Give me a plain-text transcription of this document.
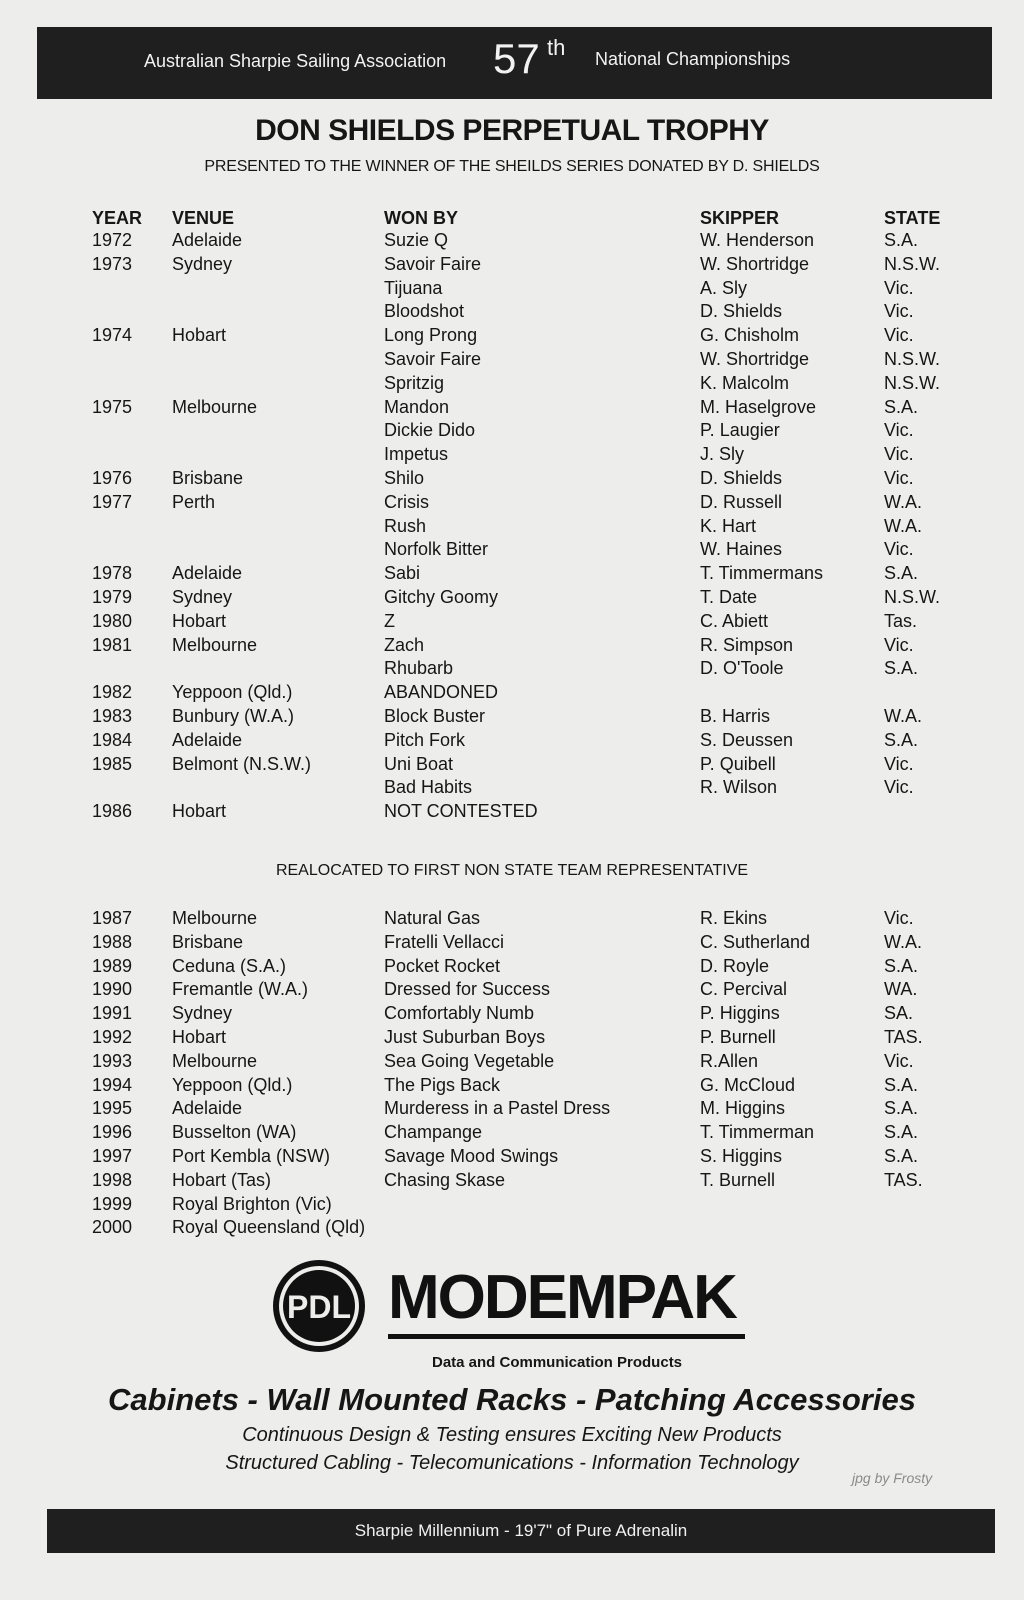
Australian Sharpie Sailing Association 57 th National Championships
DON SHIELDS PERPETUAL TROPHY
PRESENTED TO THE WINNER OF THE SHEILDS SERIES DONATED BY D. SHIELDS
YEAR VENUE	WON BY	SKIPPER	STATE
1972 Adelaide	Suzie Q	W. Henderson	S.A.
1973 Sydney	Savoir Faire	W. Shortridge	N.S.W.
Tijuana	A. Sly	Vic.
Bloodshot	D. Shields	Vic.
1974 Hobart	Long Prong	G. Chisholm	Vic.
Savoir Faire	W. Shortridge	N.S.W.
Spritzig	K. Malcolm	N.S.W.
1975 Melbourne	Mandon	M. Haselgrove	S.A.
Dickie Dido	P. Laugier	Vic.
Impetus	J. Sly	Vic.
1976 Brisbane	Shilo	D. Shields	Vic.
1977 Perth	Crisis	D. Russell	W.A.
Rush	K. Hart	W.A.
Norfolk Bitter	W. Haines	Vic.
1978 Adelaide	Sabi	T. Timmermans	S.A.
1979 Sydney	Gitchy Goomy	T. Date	N.S.W.
1980 Hobart	Z	C. Abiett	Tas.
1981 Melbourne	Zach	R. Simpson	Vic.
Rhubarb	D. O'Toole	S.A.
1982 Yeppoon (Qld.)	ABANDONED
1983 Bunbury (W.A.)	Block Buster	B. Harris	W.A.
1984 Adelaide	Pitch Fork	S. Deussen	S.A.
1985 Belmont (N.S.W.)	Uni Boat	P. Quibell	Vic.
Bad Habits	R. Wilson	Vic.
1986 Hobart	NOT CONTESTED
1987 Melbourne	Natural Gas	R. Ekins	Vic.
1988 Brisbane	Fratelli Vellacci	C. Sutherland	W.A.
1989 Ceduna (S.A.)	Pocket Rocket	D. Royle	S.A.
1990 Fremantle (W.A.)	Dressed for Success	C. Percival	WA.
1991 Sydney	Comfortably Numb	P. Higgins	SA.
1992 Hobart	Just Suburban Boys	P. Burnell	TAS.
1993 Melbourne	Sea Going Vegetable	R.Allen	Vic.
1994 Yeppoon (Qld.)	The Pigs Back	G. McCloud	S.A.
1995 Adelaide	Murderess in a Pastel Dress	M. Higgins	S.A.
1996 Busselton (WA)	Champange	T. Timmerman	S.A.
1997 Port Kembla (NSW)	Savage Mood Swings	S. Higgins	S.A.
1998 Hobart (Tas)	Chasing Skase	T. Burnell	TAS.
1999 Royal Brighton (Vic)
2000 Royal Queensland (Qld)
REALOCATED TO FIRST NON STATE TEAM REPRESENTATIVE
PDL MODEMPAK
Data and Communication Products
Cabinets - Wall Mounted Racks - Patching Accessories
Continuous Design & Testing ensures Exciting New Products
Structured Cabling - Telecomunications - Information Technology
jpg by Frosty
Sharpie Millennium - 19'7" of Pure Adrenalin
